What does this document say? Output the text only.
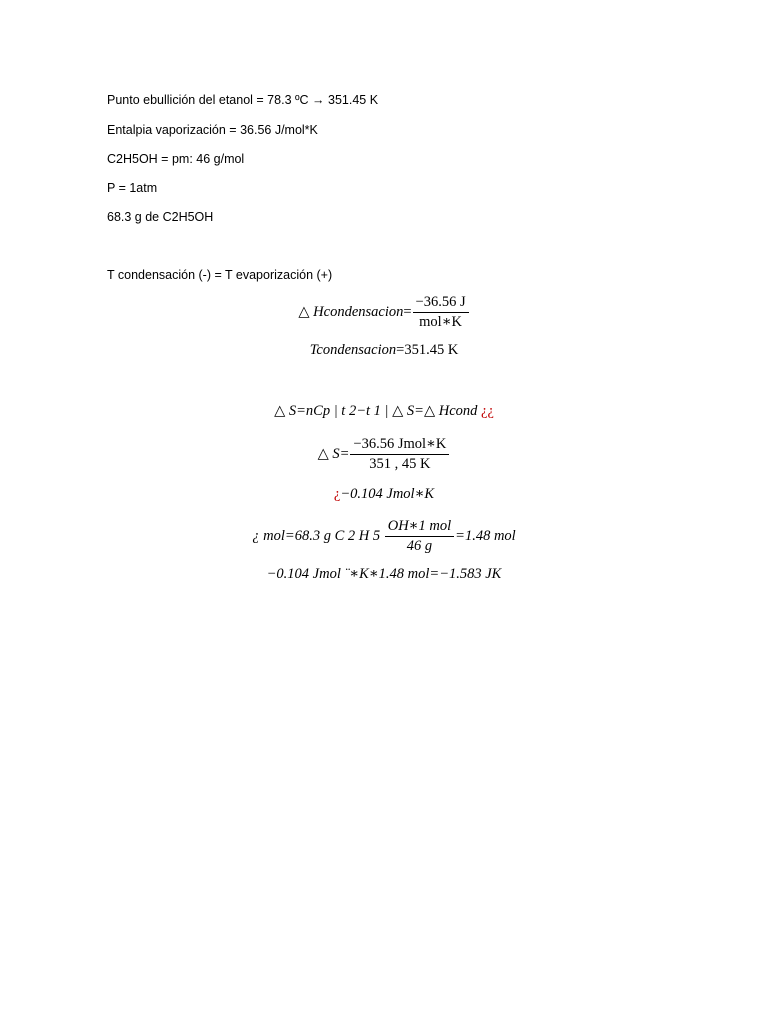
Punto ebullición del etanol = 78.3 ºC → 351.45 K
Entalpia vaporización = 36.56 J/mol*K
C2H5OH = pm: 46 g/mol
P = 1atm
68.3 g de C2H5OH
T condensación (-) = T evaporización (+)
△ Hcondensacion= $\frac{-36.56 J}{\text{mol∗K}}$
Tcondensacion=351.45 K
△ S=nCp | t 2−t 1 | △ S=△ Hcond ¿¿
△ $S= \frac{\text{−36.56 Jmol∗K}}{351 , 45 K}$
¿−0.104 Jmol∗K
¿ mol=68.3 g C 2 H $5 \frac{\text{OH∗1 mol}}{46 g} =1.48$ mol
−0.104 Jmol ¨∗K∗1.48 mol=−1.583 JK
